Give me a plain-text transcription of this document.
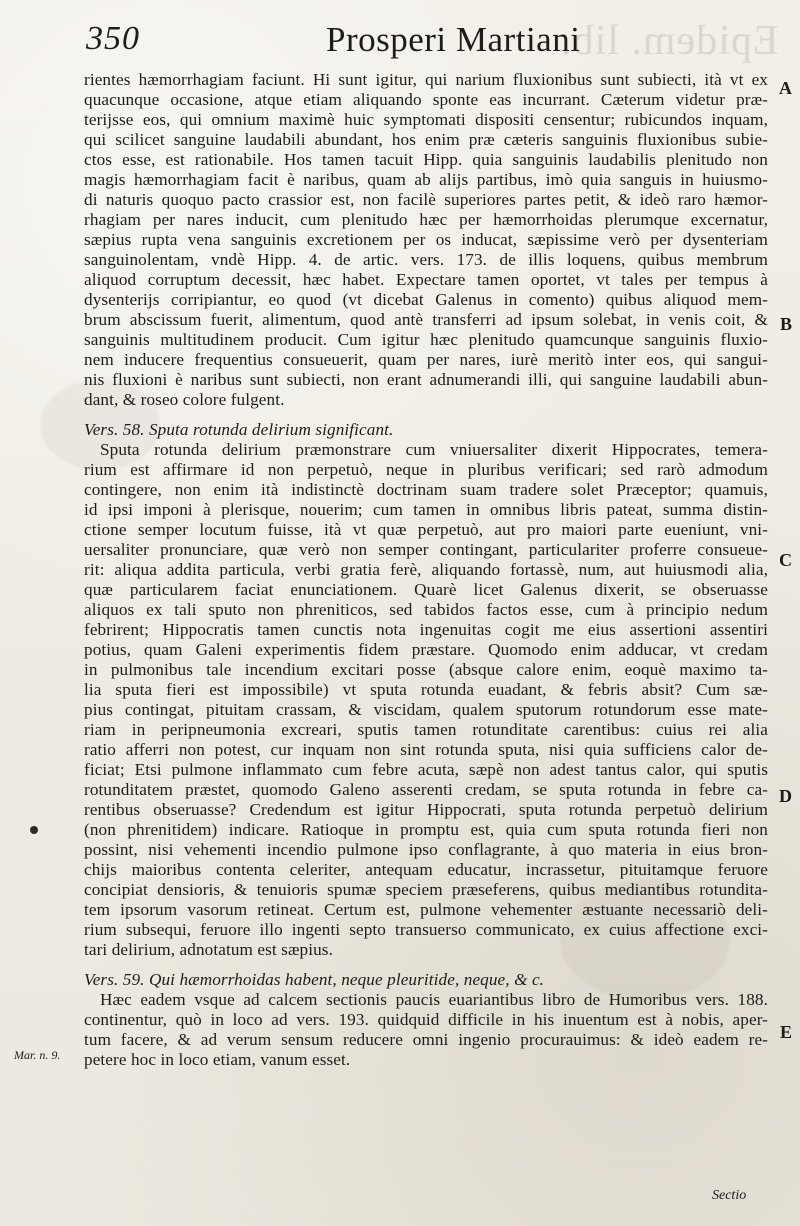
Epidem. lib.
350	Prosperi Martiani
rientes hæmorrhagiam faciunt. Hi sunt igitur, qui narium fluxionibus sunt subiecti, ità vt ex
quacunque occasione, atque etiam aliquando sponte eas incurrant. Cæterum videtur præ-
terijsse eos, qui omnium maximè huic symptomati dispositi censentur; rubicundos inquam,
qui scilicet sanguine laudabili abundant, hos enim præ cæteris sanguinis fluxionibus subie-
ctos esse, est rationabile. Hos tamen tacuit Hipp. quia sanguinis laudabilis plenitudo non
magis hæmorrhagiam facit è naribus, quam ab alijs partibus, imò quia sanguis in huiusmo-
di naturis quoquo pacto crassior est, non facilè superiores partes petit, & ideò raro hæmor-
rhagiam per nares inducit, cum plenitudo hæc per hæmorrhoidas plerumque excernatur,
sæpius rupta vena sanguinis excretionem per os inducat, sæpissime verò per dysenteriam
sanguinolentam, vndè Hipp. 4. de artic. vers. 173. de illis loquens, quibus membrum
aliquod corruptum decessit, hæc habet. Expectare tamen oportet, vt tales per tempus à
dysenterijs corripiantur, eo quod (vt dicebat Galenus in comento) quibus aliquod mem-
brum abscissum fuerit, alimentum, quod antè transferri ad ipsum solebat, in venis coit, &
sanguinis multitudinem producit. Cum igitur hæc plenitudo quamcunque sanguinis fluxio-
nem inducere frequentius consueuerit, quam per nares, iurè meritò inter eos, qui sangui-
nis fluxioni è naribus sunt subiecti, non erant adnumerandi illi, qui sanguine laudabili abun-
dant, & roseo colore fulgent.
Vers. 58. Sputa rotunda delirium significant.
Sputa rotunda delirium præmonstrare cum vniuersaliter dixerit Hippocrates, temera-
rium est affirmare id non perpetuò, neque in pluribus verificari; sed rarò admodum
contingere, non enim ità indistinctè doctrinam suam tradere solet Præceptor; quamuis,
id ipsi imponi à plerisque, nouerim; cum tamen in omnibus libris pateat, summa distin-
ctione semper locutum fuisse, ità vt quæ perpetuò, aut pro maiori parte eueniunt, vni-
uersaliter pronunciare, quæ verò non semper contingant, particulariter proferre consueue-
rit: aliqua addita particula, verbi gratia ferè, aliquando fortassè, num, aut huiusmodi alia,
quæ particularem faciat enunciationem. Quarè licet Galenus dixerit, se obseruasse
aliquos ex tali sputo non phreniticos, sed tabidos factos esse, cum à principio nedum
febrirent; Hippocratis tamen cunctis nota ingenuitas cogit me eius assertioni assentiri
potius, quam Galeni experimentis fidem præstare. Quomodo enim adducar, vt credam
in pulmonibus tale incendium excitari posse (absque calore enim, eoquè maximo ta-
lia sputa fieri est impossibile) vt sputa rotunda euadant, & febris absit? Cum sæ-
pius contingat, pituitam crassam, & viscidam, qualem sputorum rotundorum esse mate-
riam in peripneumonia excreari, sputis tamen rotunditate carentibus: cuius rei alia
ratio afferri non potest, cur inquam non sint rotunda sputa, nisi quia sufficiens calor de-
ficiat; Etsi pulmone inflammato cum febre acuta, sæpè non adest tantus calor, qui sputis
rotunditatem præstet, quomodo Galeno asserenti credam, se sputa rotunda in febre ca-
rentibus obseruasse? Credendum est igitur Hippocrati, sputa rotunda perpetuò delirium
(non phrenitidem) indicare. Ratioque in promptu est, quia cum sputa rotunda fieri non
possint, nisi vehementi incendio pulmone ipso conflagrante, à quo materia in eius bron-
chijs maioribus contenta celeriter, antequam educatur, incrassetur, pituitamque feruore
concipiat densioris, & tenuioris spumæ speciem præseferens, quibus mediantibus rotundita-
tem ipsorum vasorum retineat. Certum est, pulmone vehementer æstuante necessariò deli-
rium subsequi, feruore illo ingenti septo transuerso communicato, ex cuius affectione exci-
tari delirium, adnotatum est sæpius.
Vers. 59. Qui hæmorrhoidas habent, neque pleuritide, neque, & c.
Hæc eadem vsque ad calcem sectionis paucis euariantibus libro de Humoribus vers. 188.
continentur, quò in loco ad vers. 193. quidquid difficile in his inuentum est à nobis, aper-
tum facere, & ad verum sensum reducere omni ingenio procurauimus: & ideò eadem re-
petere hoc in loco etiam, vanum esset.
A
B
C
D
E
Mar. n. 9.
Sectio
